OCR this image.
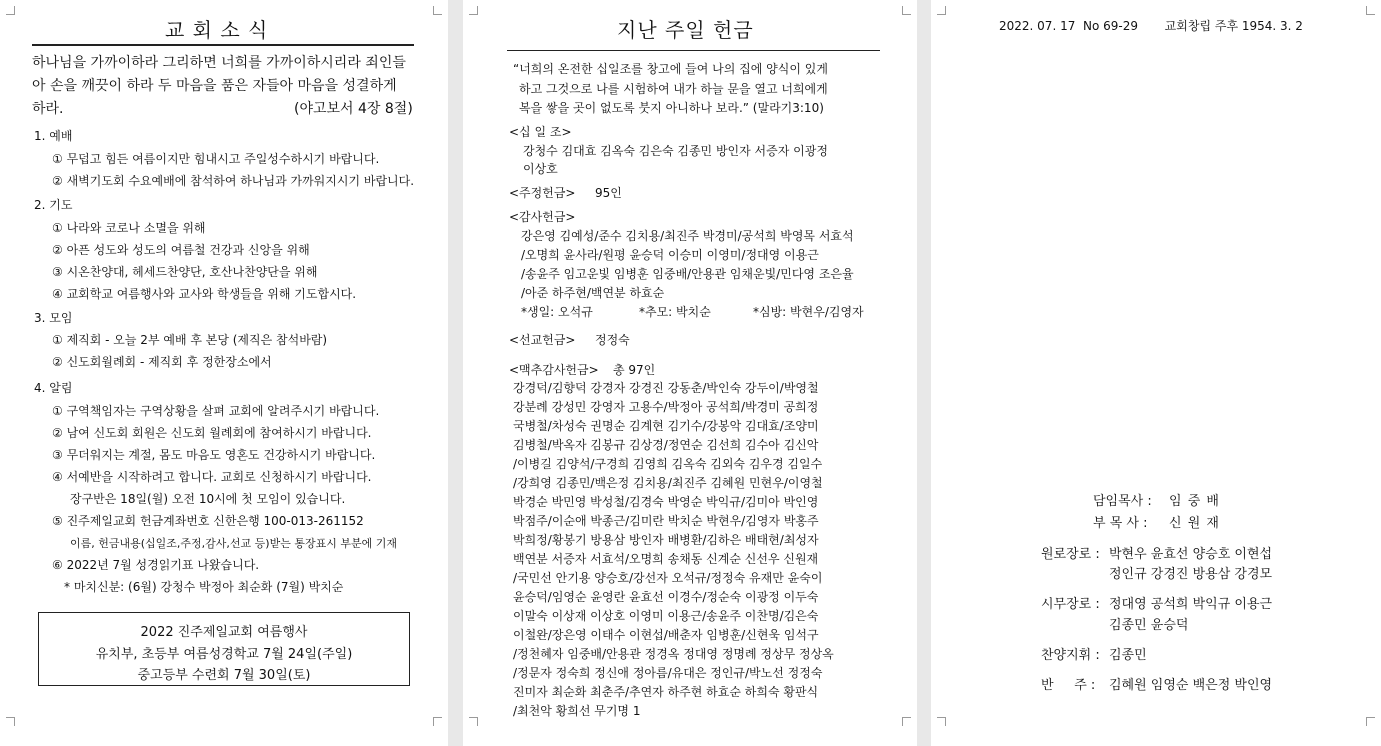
교 회 소 식
하나님을 가까이하라 그리하면 너희를 가까이하시리라 죄인들
아 손을 깨끗이 하라 두 마음을 품은 자들아 마음을 성결하게
하라.	(야고보서 4장 8절)
1. 예배
① 무덥고 힘든 여름이지만 힘내시고 주일성수하시기 바랍니다.
② 새벽기도회 수요예배에 참석하여 하나님과 가까워지시기 바랍니다.
2. 기도
① 나라와 코로나 소멸을 위해
② 아픈 성도와 성도의 여름철 건강과 신앙을 위해
③ 시온찬양대, 헤세드찬양단, 호산나찬양단을 위해
④ 교회학교 여름행사와 교사와 학생들을 위해 기도합시다.
3. 모임
① 제직회 - 오늘 2부 예배 후 본당 (제직은 참석바람)
② 신도회월례회 - 제직회 후 정한장소에서
4. 알림
① 구역책임자는 구역상황을 살펴 교회에 알려주시기 바랍니다.
② 남여 신도회 회원은 신도회 월례회에 참여하시기 바랍니다.
③ 무더워지는 계절, 몸도 마음도 영혼도 건강하시기 바랍니다.
④ 서예반을 시작하려고 합니다. 교회로 신청하시기 바랍니다.
장구반은 18일(월) 오전 10시에 첫 모임이 있습니다.
⑤ 진주제일교회 헌금계좌번호 신한은행 100-013-261152
이름, 헌금내용(십일조,주정,감사,선교 등)받는 통장표시 부분에 기재
⑥ 2022년 7월 성경읽기표 나왔습니다.
* 마치신분: (6월) 강청수 박정아 최순화 (7월) 박치순
2022 진주제일교회 여름행사
유치부, 초등부 여름성경학교 7월 24일(주일)
중고등부 수련회 7월 30일(토)
지난 주일 헌금
“너희의 온전한 십일조를 창고에 들여 나의 집에 양식이 있게
하고 그것으로 나를 시험하여 내가 하늘 문을 열고 너희에게
복을 쌓을 곳이 없도록 붓지 아니하나 보라.” (말라기3:10)
<십 일 조>
강청수 김대효 김옥숙 김은숙 김종민 방인자 서증자 이광정
이상호
<주정헌금> 95인
<감사헌금>
강은영 김예성/준수 김치용/최진주 박경미/공석희 박영목 서효석
/오명희 윤사라/원평 윤승덕 이승미 이영미/정대영 이용근
/송윤주 임고운빛 임병훈 임중배/안용관 임채운빛/민다영 조은율
/아준 하주현/백연분 하효순
*생일: 오석규	*추모: 박치순	*심방: 박현우/김영자
<선교헌금> 정정숙
<맥추감사헌금> 총 97인
강경덕/김향덕 강경자 강경진 강동춘/박인숙 강두이/박영철
강분례 강성민 강영자 고용수/박정아 공석희/박경미 공희정
국병철/차성숙 권명순 김계현 김기수/강봉악 김대효/조양미
김병철/박옥자 김봉규 김상경/정연순 김선희 김수아 김신악
/이병길 김양석/구경희 김영희 김옥숙 김외숙 김우경 김일수
/강희영 김종민/백은정 김치용/최진주 김혜원 민현우/이영철
박경순 박민영 박성철/김경숙 박영순 박익규/김미아 박인영
박점주/이순애 박종근/김미란 박치순 박현우/김영자 박홍주
박희정/황봉기 방용삼 방인자 배병환/김하은 배태현/최성자
백연분 서증자 서효석/오명희 송채동 신계순 신선우 신원재
/국민선 안기용 양승호/강선자 오석규/정정숙 유재만 윤숙이
윤승덕/임영순 윤영란 윤효선 이경수/정순숙 이광정 이두숙
이말숙 이상재 이상호 이영미 이용근/송윤주 이찬명/김은숙
이철완/장은영 이태수 이현섭/배춘자 임병훈/신현욱 임석구
/정천혜자 임중배/안용관 정경옥 정대영 정명례 정상무 정상옥
/정문자 정숙희 정신애 정아름/유대은 정인규/박노선 정정숙
진미자 최순화 최춘주/추연자 하주현 하효순 하희숙 황판식
/최천악 황희선 무기명 1
2022. 07. 17  No 69-29       교회창립 주후 1954. 3. 2
담임목사 : 임 중 배
부 목 사 : 신 원 재
원로장로 : 박현우 윤효선 양승호 이현섭
정인규 강경진 방용삼 강경모
시무장로 : 정대영 공석희 박익규 이용근
김종민 윤승덕
찬양지휘 : 김종민
반     주 : 김혜원 임영순 백은정 박인영
